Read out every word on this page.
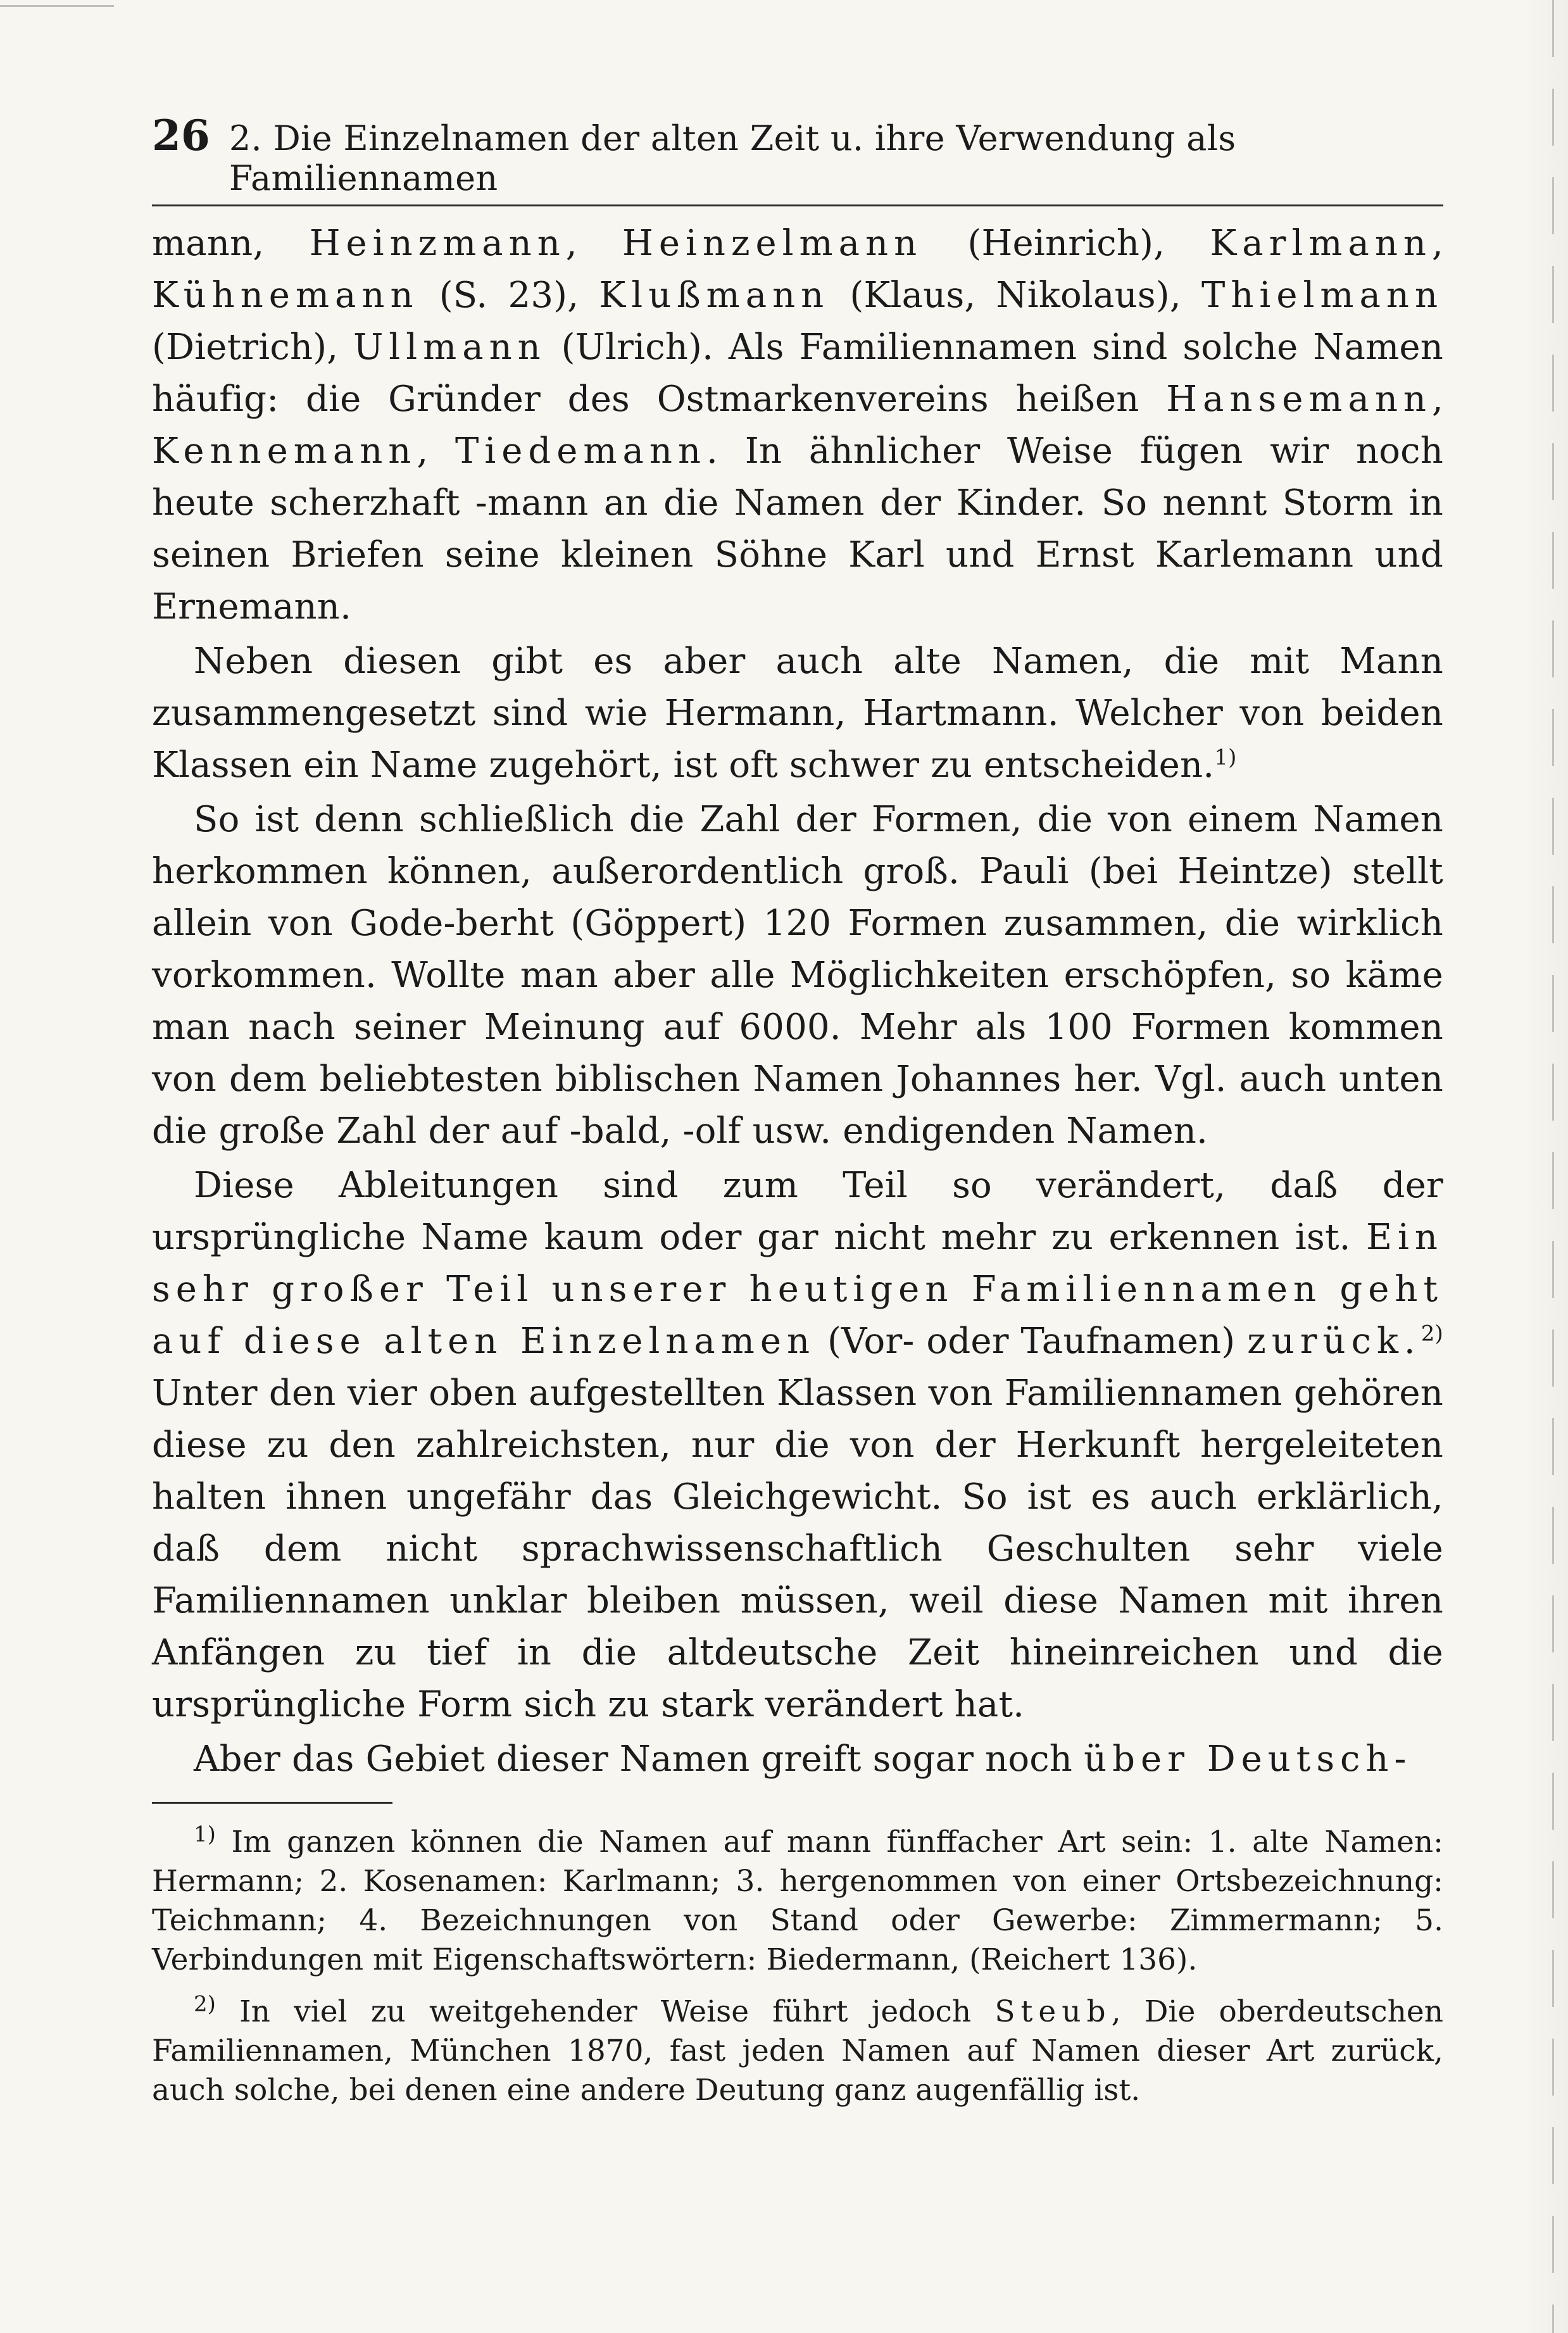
26 2. Die Einzelnamen der alten Zeit u. ihre Verwendung als Familiennamen

mann, Heinzmann, Heinzelmann (Heinrich), Karlmann, Kühnemann (S. 23), Klußmann (Klaus, Nikolaus), Thielmann (Dietrich), Ullmann (Ulrich). Als Familiennamen sind solche Namen häufig: die Gründer des Ostmarkenvereins heißen Hansemann, Kennemann, Tiedemann. In ähnlicher Weise fügen wir noch heute scherzhaft -mann an die Namen der Kinder. So nennt Storm in seinen Briefen seine kleinen Söhne Karl und Ernst Karlemann und Ernemann.

Neben diesen gibt es aber auch alte Namen, die mit Mann zusammengesetzt sind wie Hermann, Hartmann. Welcher von beiden Klassen ein Name zugehört, ist oft schwer zu entscheiden.$^{1)}$

So ist denn schließlich die Zahl der Formen, die von einem Namen herkommen können, außerordentlich groß. Pauli (bei Heintze) stellt allein von Gode-berht (Göppert) 120 Formen zusammen, die wirklich vorkommen. Wollte man aber alle Möglichkeiten erschöpfen, so käme man nach seiner Meinung auf 6000. Mehr als 100 Formen kommen von dem beliebtesten biblischen Namen Johannes her. Vgl. auch unten die große Zahl der auf -bald, -olf usw. endigenden Namen.

Diese Ableitungen sind zum Teil so verändert, daß der ursprüngliche Name kaum oder gar nicht mehr zu erkennen ist. Ein sehr großer Teil unserer heutigen Familiennamen geht auf diese alten Einzelnamen (Vor- oder Taufnamen) zurück.$^{2)}$ Unter den vier oben aufgestellten Klassen von Familiennamen gehören diese zu den zahlreichsten, nur die von der Herkunft hergeleiteten halten ihnen ungefähr das Gleichgewicht. So ist es auch erklärlich, daß dem nicht sprachwissenschaftlich Geschulten sehr viele Familiennamen unklar bleiben müssen, weil diese Namen mit ihren Anfängen zu tief in die altdeutsche Zeit hineinreichen und die ursprüngliche Form sich zu stark verändert hat.

Aber das Gebiet dieser Namen greift sogar noch über Deutsch-

$^{1)}$ Im ganzen können die Namen auf mann fünffacher Art sein: 1. alte Namen: Hermann; 2. Kosenamen: Karlmann; 3. hergenommen von einer Ortsbezeichnung: Teichmann; 4. Bezeichnungen von Stand oder Gewerbe: Zimmermann; 5. Verbindungen mit Eigenschaftswörtern: Biedermann, (Reichert 136).

$^{2)}$ In viel zu weitgehender Weise führt jedoch Steub, Die oberdeutschen Familiennamen, München 1870, fast jeden Namen auf Namen dieser Art zurück, auch solche, bei denen eine andere Deutung ganz augenfällig ist.
